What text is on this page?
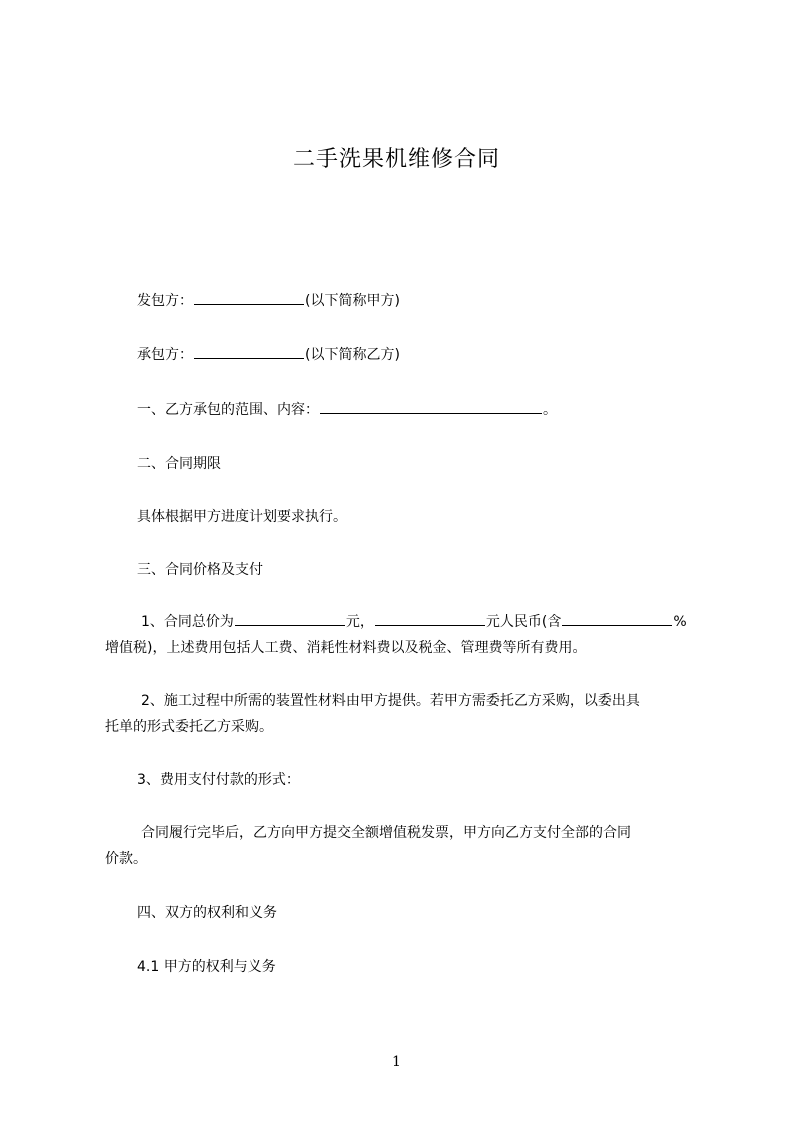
二手洗果机维修合同
发包方：	(以下简称甲方)
承包方：	(以下简称乙方)
一、乙方承包的范围、内容：	。
二、合同期限
具体根据甲方进度计划要求执行。
三、合同价格及支付
1、合同总价为	元，	元人民币(含	%
增值税)，上述费用包括人工费、消耗性材料费以及税金、管理费等所有费用。
2、施工过程中所需的装置性材料由甲方提供。若甲方需委托乙方采购，以委出具
托单的形式委托乙方采购。
3、费用支付付款的形式：
合同履行完毕后，乙方向甲方提交全额增值税发票，甲方向乙方支付全部的合同
价款。
四、双方的权利和义务
4.1 甲方的权利与义务
1
